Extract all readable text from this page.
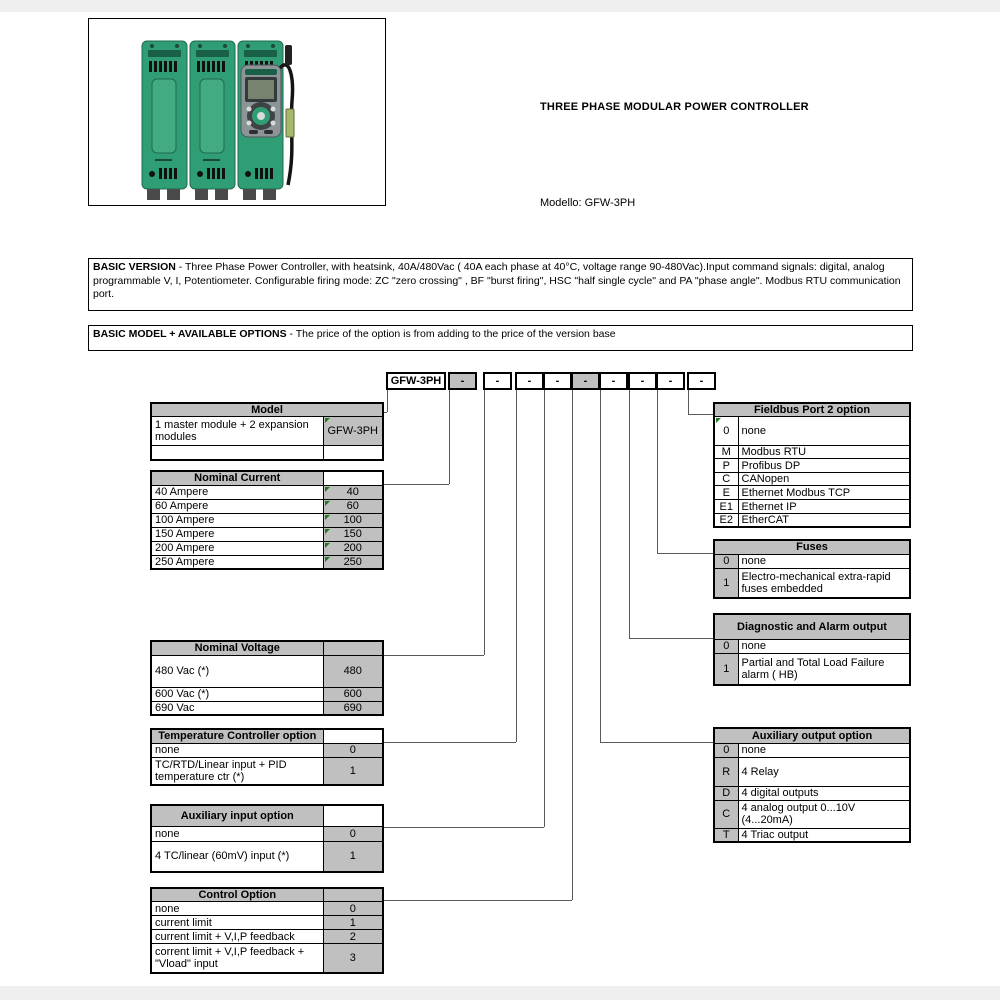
THREE PHASE MODULAR POWER CONTROLLER
Modello: GFW-3PH
BASIC VERSION - Three Phase Power Controller, with heatsink, 40A/480Vac ( 40A each phase at 40°C, voltage range 90-480Vac).Input command signals: digital, analog programmable V, I, Potentiometer. Configurable firing mode: ZC "zero crossing" , BF "burst firing", HSC "half single cycle" and PA "phase angle". Modbus RTU communication port.
BASIC MODEL + AVAILABLE OPTIONS - The price of the option is from adding to the price of the version base
GFW-3PH	-	-	-	-	-	-	-	-	-
Model	
1 master module + 2 expansion modules	GFW-3PH

Nominal Current	
40 Ampere	40

60 Ampere	60

100 Ampere	100

150 Ampere	150

200 Ampere	200

250 Ampere	250
Nominal Voltage	
480 Vac (*)	480
600 Vac (*)	600
690 Vac	690
Temperature Controller option	
none	0
TC/RTD/Linear input + PID temperature ctr (*)	1
Auxiliary input option	
none	0
4 TC/linear (60mV) input (*)	1
Control Option	
none	0
current limit	1
current limit + V,I,P feedback	2
corrent limit + V,I,P feedback + "Vload" input	3
Fieldbus Port 2 option	
0	none
M	Modbus RTU
P	Profibus DP
C	CANopen
E	Ethernet Modbus TCP
E1	Ethernet IP
E2	EtherCAT
Fuses	
0	none
1	Electro-mechanical extra-rapid fuses embedded
Diagnostic and Alarm output	
0	none
1	Partial and Total Load Failure alarm ( HB)
Auxiliary output option	
0	none
R	4 Relay
D	4 digital outputs
C	4 analog output 0...10V (4...20mA)
T	4 Triac output
